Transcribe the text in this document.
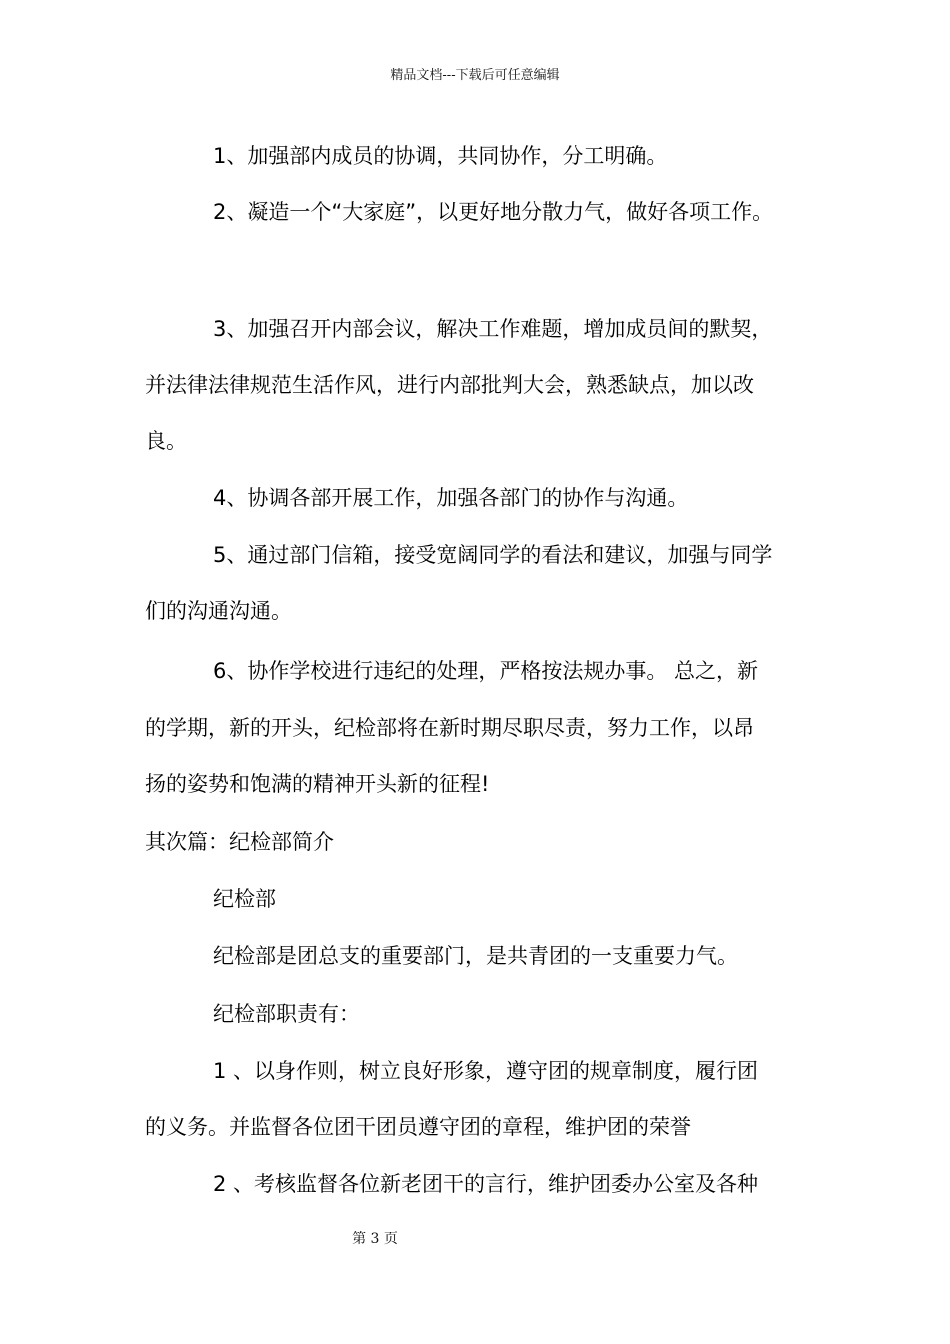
精品文档---下载后可任意编辑
1、加强部内成员的协调，共同协作，分工明确。
2、凝造一个“大家庭”，以更好地分散力气，做好各项工作。
3、加强召开内部会议，解决工作难题，增加成员间的默契，
并法律法律规范生活作风，进行内部批判大会，熟悉缺点，加以改
良。
4、协调各部开展工作，加强各部门的协作与沟通。
5、通过部门信箱，接受宽阔同学的看法和建议，加强与同学
们的沟通沟通。
6、协作学校进行违纪的处理，严格按法规办事。 总之，新
的学期，新的开头，纪检部将在新时期尽职尽责，努力工作，以昂
扬的姿势和饱满的精神开头新的征程!
其次篇：纪检部简介
纪检部
纪检部是团总支的重要部门，是共青团的一支重要力气。
纪检部职责有：
1 、以身作则，树立良好形象，遵守团的规章制度，履行团
的义务。并监督各位团干团员遵守团的章程，维护团的荣誉
2 、考核监督各位新老团干的言行，维护团委办公室及各种
第 3 页
